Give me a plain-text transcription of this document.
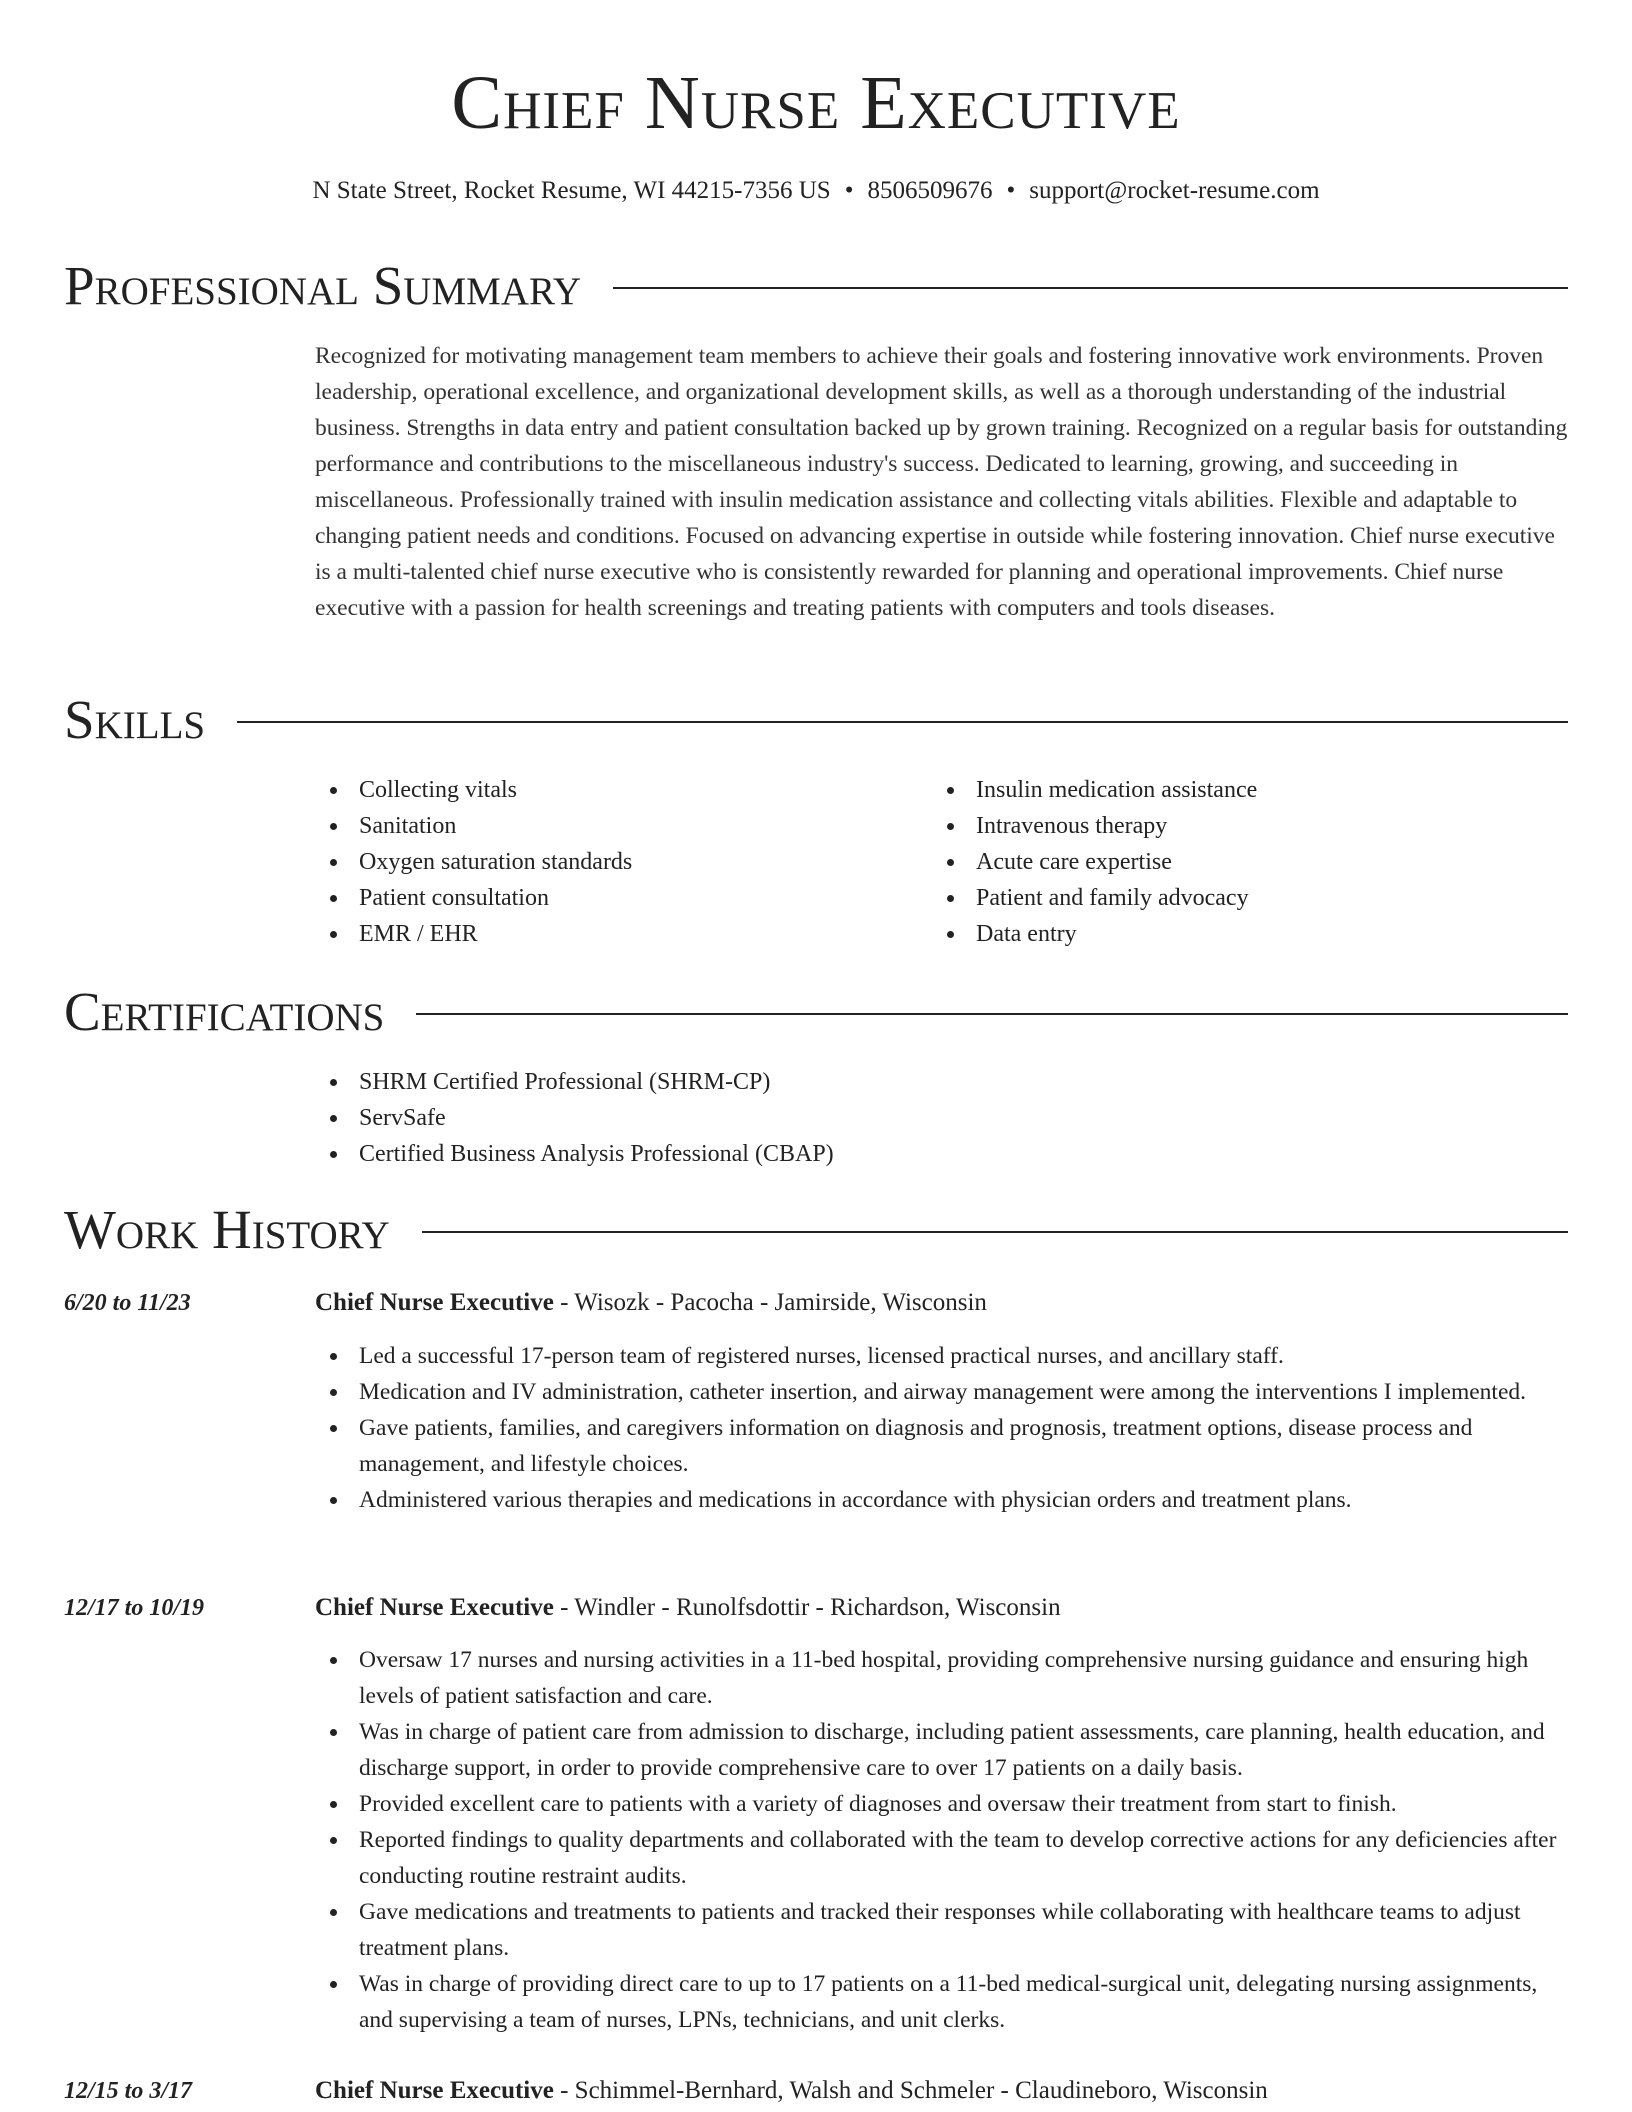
Chief Nurse Executive
N State Street, Rocket Resume, WI 44215-7356 US • 8506509676 • support@rocket-resume.com
Professional Summary

Recognized for motivating management team members to achieve their goals and fostering innovative work environments. Proven leadership, operational excellence, and organizational development skills, as well as a thorough understanding of the industrial business. Strengths in data entry and patient consultation backed up by grown training. Recognized on a regular basis for outstanding performance and contributions to the miscellaneous industry's success. Dedicated to learning, growing, and succeeding in miscellaneous. Professionally trained with insulin medication assistance and collecting vitals abilities. Flexible and adaptable to changing patient needs and conditions. Focused on advancing expertise in outside while fostering innovation. Chief nurse executive is a multi-talented chief nurse executive who is consistently rewarded for planning and operational improvements. Chief nurse executive with a passion for health screenings and treating patients with computers and tools diseases.

Skills
Collecting vitals
Sanitation
Oxygen saturation standards
Patient consultation
EMR / EHR
Insulin medication assistance
Intravenous therapy
Acute care expertise
Patient and family advocacy
Data entry
Certifications
SHRM Certified Professional (SHRM-CP)
ServSafe
Certified Business Analysis Professional (CBAP)
Work History
6/20 to 11/23	Chief Nurse Executive - Wisozk - Pacocha - Jamirside, Wisconsin
Led a successful 17-person team of registered nurses, licensed practical nurses, and ancillary staff.
Medication and IV administration, catheter insertion, and airway management were among the interventions I implemented.
Gave patients, families, and caregivers information on diagnosis and prognosis, treatment options, disease process and management, and lifestyle choices.
Administered various therapies and medications in accordance with physician orders and treatment plans.
12/17 to 10/19	Chief Nurse Executive - Windler - Runolfsdottir - Richardson, Wisconsin
Oversaw 17 nurses and nursing activities in a 11-bed hospital, providing comprehensive nursing guidance and ensuring high levels of patient satisfaction and care.
Was in charge of patient care from admission to discharge, including patient assessments, care planning, health education, and discharge support, in order to provide comprehensive care to over 17 patients on a daily basis.
Provided excellent care to patients with a variety of diagnoses and oversaw their treatment from start to finish.
Reported findings to quality departments and collaborated with the team to develop corrective actions for any deficiencies after conducting routine restraint audits.
Gave medications and treatments to patients and tracked their responses while collaborating with healthcare teams to adjust treatment plans.
Was in charge of providing direct care to up to 17 patients on a 11-bed medical-surgical unit, delegating nursing assignments, and supervising a team of nurses, LPNs, technicians, and unit clerks.
12/15 to 3/17	Chief Nurse Executive - Schimmel-Bernhard, Walsh and Schmeler - Claudineboro, Wisconsin
